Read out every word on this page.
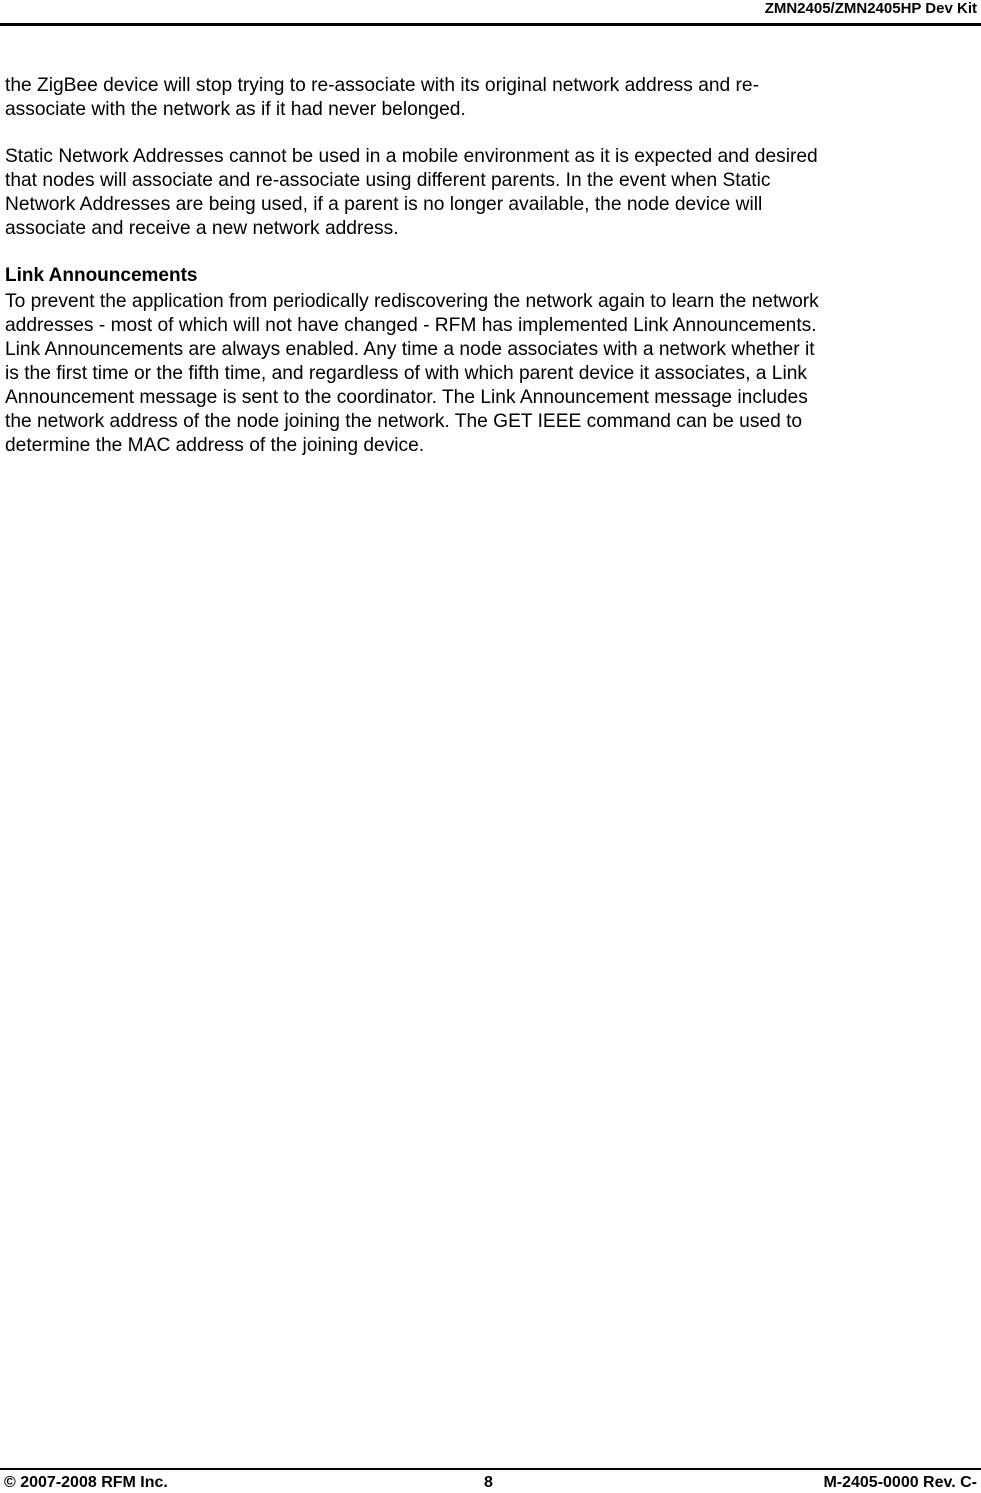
ZMN2405/ZMN2405HP Dev Kit

the ZigBee device will stop trying to re-associate with its original network address and re-
associate with the network as if it had never belonged.

Static Network Addresses cannot be used in a mobile environment as it is expected and desired
that nodes will associate and re-associate using different parents. In the event when Static
Network Addresses are being used, if a parent is no longer available, the node device will
associate and receive a new network address.

Link Announcements

To prevent the application from periodically rediscovering the network again to learn the network
addresses - most of which will not have changed - RFM has implemented Link Announcements.
Link Announcements are always enabled. Any time a node associates with a network whether it
is the first time or the fifth time, and regardless of with which parent device it associates, a Link
Announcement message is sent to the coordinator. The Link Announcement message includes
the network address of the node joining the network. The GET IEEE command can be used to
determine the MAC address of the joining device.

© 2007-2008 RFM Inc.	8	M-2405-0000 Rev. C-
